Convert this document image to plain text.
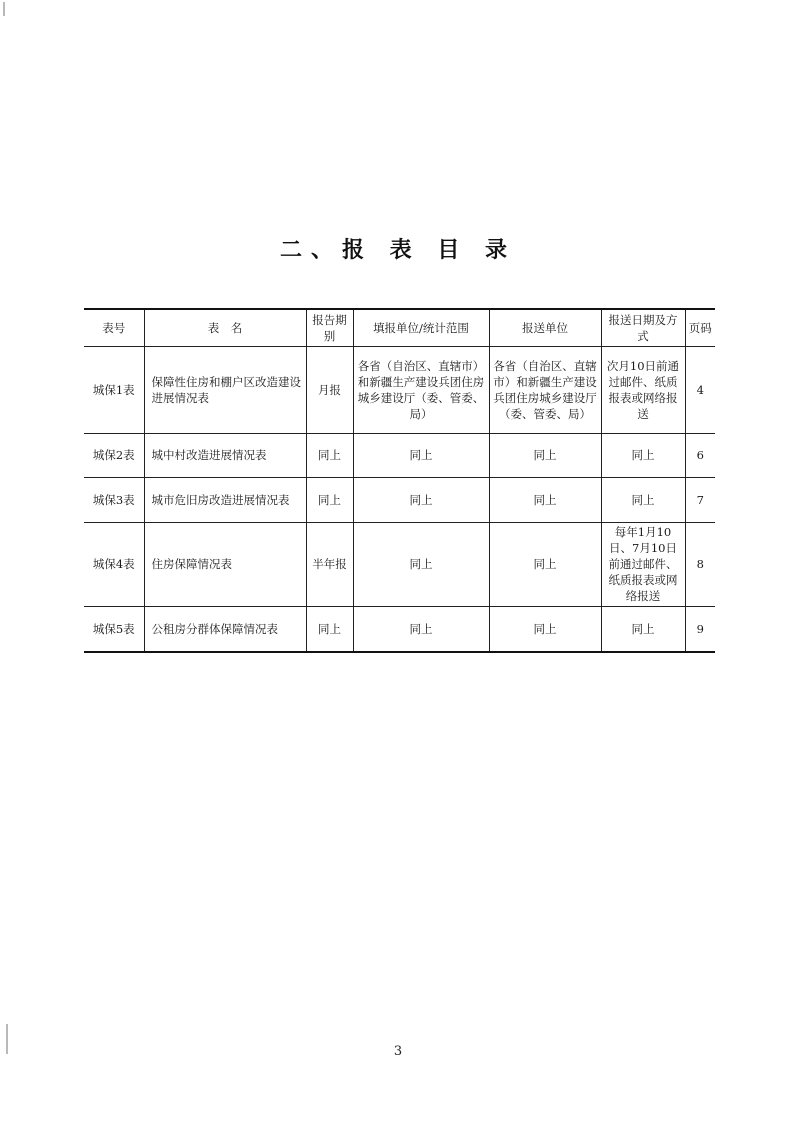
二、报 表 目 录
表号	表　名	报告期别	填报单位/统计范围	报送单位	报送日期及方式	页码
城保1表	保障性住房和棚户区改造建设进展情况表	月报	各省（自治区、直辖市）和新疆生产建设兵团住房城乡建设厅（委、管委、局）	各省（自治区、直辖市）和新疆生产建设兵团住房城乡建设厅（委、管委、局）	次月10日前通过邮件、纸质报表或网络报送	4
城保2表	城中村改造进展情况表	同上	同上	同上	同上	6
城保3表	城市危旧房改造进展情况表	同上	同上	同上	同上	7
城保4表	住房保障情况表	半年报	同上	同上	每年1月10日、7月10日前通过邮件、纸质报表或网络报送	8
城保5表	公租房分群体保障情况表	同上	同上	同上	同上	9
3
